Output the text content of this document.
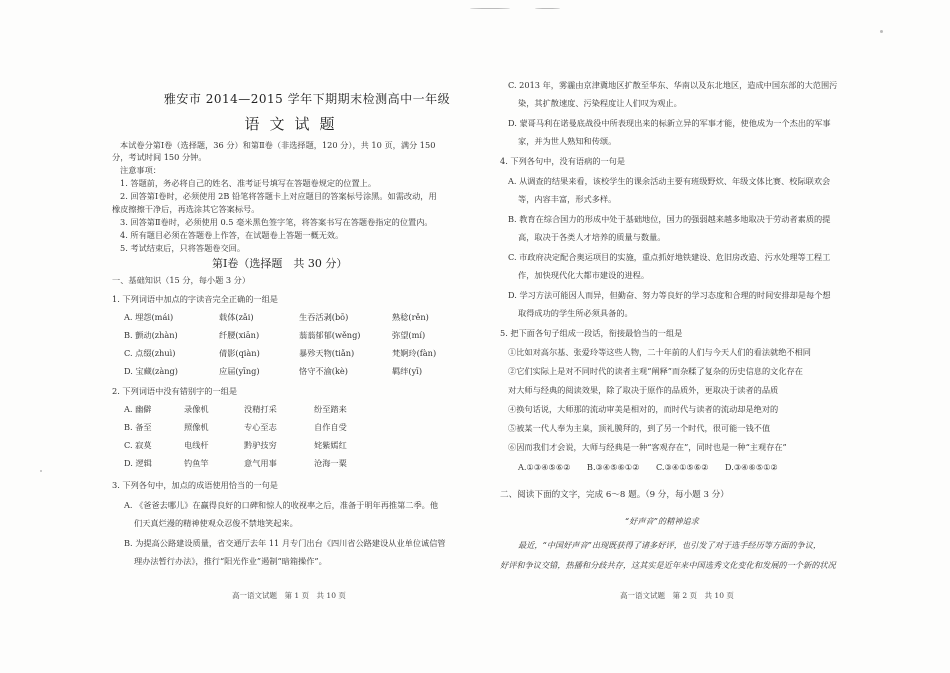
雅安市 2014—2015 学年下期期末检测高中一年级
语文试题
本试卷分第Ⅰ卷（选择题，36 分）和第Ⅱ卷（非选择题，120 分），共 10 页，满分 150
分，考试时间 150 分钟。
注意事项：
1. 答题前，务必将自己的姓名、准考证号填写在答题卷规定的位置上。
2. 回答第Ⅰ卷时，必须使用 2B 铅笔将答题卡上对应题目的答案标号涂黑。如需改动，用
橡皮擦擦干净后，再选涂其它答案标号。
3. 回答第Ⅱ卷时，必须使用 0.5 毫米黑色签字笔，将答案书写在答题卷指定的位置内。
4. 所有题目必须在答题卷上作答，在试题卷上答题一概无效。
5. 考试结束后，只将答题卷交回。
第Ⅰ卷（选择题　共 30 分）
一、基础知识（15 分，每小题 3 分）
1. 下列词语中加点的字读音完全正确的一组是
A. 埋怨(mái)	载体(zǎi)	生吞活剥(bō)	熟稔(rěn)
B. 颤动(zhàn)	纤腰(xiān)	蓊蓊郁郁(wěng)	弥望(mí)
C. 点缀(zhuì)	倩影(qiàn)	暴殄天物(tiǎn)	梵婀玲(fàn)
D. 宝藏(zàng)	应届(yīng)	恪守不渝(kè)	羁绊(yī)
2. 下列词语中没有错别字的一组是
A. 幽僻	录像机	没精打采	纷至踏来
B. 备至	照像机	专心至志	自作自受
C. 寂莫	电线杆	黔驴技穷	姹紫嫣红
D. 逻辑	钓鱼竿	意气用事	沧海一粟
3. 下列各句中，加点的成语使用恰当的一句是
A. 《爸爸去哪儿》在赢得良好的口碑和惊人的收视率之后，准备于明年再推第二季。他
们天真烂漫的精神使观众忍俊不禁地笑起来。
B. 为提高公路建设质量，省交通厅去年 11 月专门出台《四川省公路建设从业单位诚信管
理办法暂行办法》，推行“阳光作业”遏制“暗箱操作”。
高一语文试题　第 1 页　共 10 页
C. 2013 年，雾霾由京津冀地区扩散至华东、华南以及东北地区，造成中国东部的大范围污
染，其扩散速度、污染程度让人们叹为观止。
D. 蒙哥马利在诺曼底战役中所表现出来的标新立异的军事才能，使他成为一个杰出的军事
家，并为世人熟知和传颂。
4. 下列各句中，没有语病的一句是
A. 从调查的结果来看，该校学生的课余活动主要有班级野炊、年级文体比赛、校际联欢会
等，内容丰富，形式多样。
B. 教育在综合国力的形成中处于基础地位，国力的强弱越来越多地取决于劳动者素质的提
高，取决于各类人才培养的质量与数量。
C. 市政府决定配合奥运项目的实施，重点抓好地铁建设、危旧房改造、污水处理等工程工
作，加快现代化大都市建设的进程。
D. 学习方法可能因人而异，但勤奋、努力等良好的学习态度和合理的时间安排却是每个想
取得成功的学生所必须具备的。
5. 把下面各句子组成一段话，衔接最恰当的一组是
①比如对高尔基、张爱玲等这些人物，二十年前的人们与今天人们的看法就绝不相同
②它们实际上是对不同时代的读者主观“阐释”而杂糅了复杂的历史信息的文化存在
对大师与经典的阅读效果，除了取决于原作的品质外，更取决于读者的品质
④换句话说，大师那的流动审美是相对的，而时代与读者的流动却是绝对的
⑤被某一代人奉为主臬，顶礼膜拜的，到了另一个时代，很可能一钱不值
⑥因而我们才会说，大师与经典是一种“客观存在”，同时也是一种“主观存在”
A.①③④⑤⑥②　　B.③④⑤⑥①②　　C.③④①⑤⑥②　　D.③④⑥⑤①②
二、阅读下面的文字，完成 6～8 题。（9 分，每小题 3 分）
“好声音”的精神追求
最近，“中国好声音”出现既获得了诸多好评，也引发了对于选手经历等方面的争议，
好评和争议交错，热播和分歧共存，这其实是近年来中国选秀文化变化和发展的一个新的状况
高一语文试题　第 2 页　共 10 页
